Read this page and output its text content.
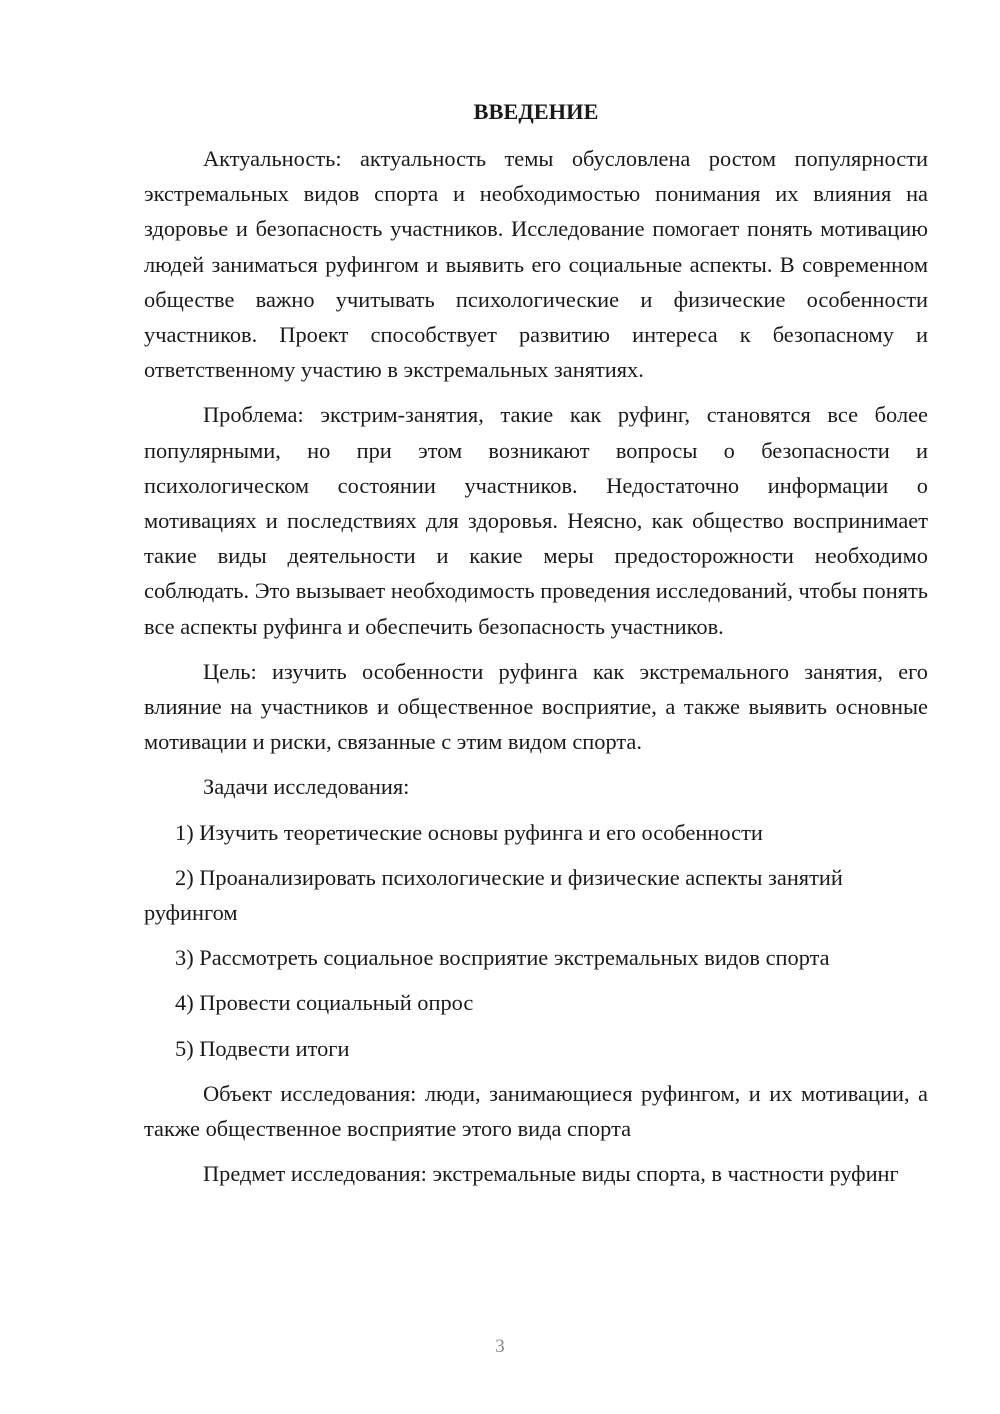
ВВЕДЕНИЕ

Актуальность: актуальность темы обусловлена ростом популярности экстремальных видов спорта и необходимостью понимания их влияния на здоровье и безопасность участников. Исследование помогает понять мотивацию людей заниматься руфингом и выявить его социальные аспекты. В современном обществе важно учитывать психологические и физические особенности участников. Проект способствует развитию интереса к безопасному и ответственному участию в экстремальных занятиях.

Проблема: экстрим-занятия, такие как руфинг, становятся все более популярными, но при этом возникают вопросы о безопасности и психологическом состоянии участников. Недостаточно информации о мотивациях и последствиях для здоровья. Неясно, как общество воспринимает такие виды деятельности и какие меры предосторожности необходимо соблюдать. Это вызывает необходимость проведения исследований, чтобы понять все аспекты руфинга и обеспечить безопасность участников.

Цель: изучить особенности руфинга как экстремального занятия, его влияние на участников и общественное восприятие, а также выявить основные мотивации и риски, связанные с этим видом спорта.

Задачи исследования:

1) Изучить теоретические основы руфинга и его особенности

2) Проанализировать психологические и физические аспекты занятий руфингом

3) Рассмотреть социальное восприятие экстремальных видов спорта

4) Провести социальный опрос

5) Подвести итоги

Объект исследования: люди, занимающиеся руфингом, и их мотивации, а также общественное восприятие этого вида спорта

Предмет исследования: экстремальные виды спорта, в частности руфинг

3
